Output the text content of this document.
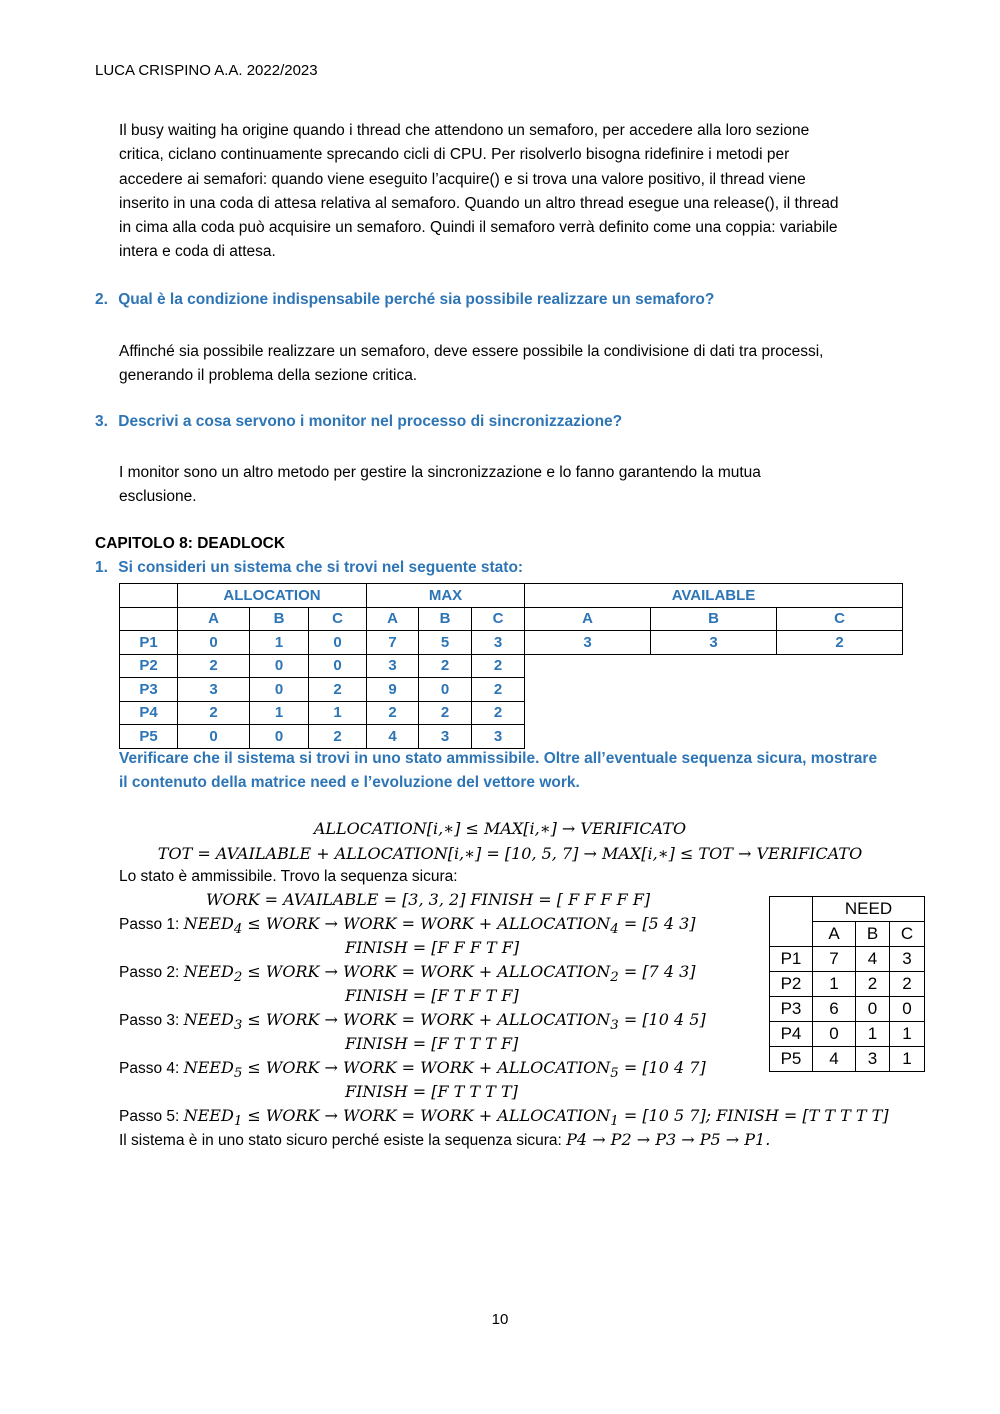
LUCA CRISPINO A.A. 2022/2023
Il busy waiting ha origine quando i thread che attendono un semaforo, per accedere alla loro sezione
critica, ciclano continuamente sprecando cicli di CPU. Per risolverlo bisogna ridefinire i metodi per
accedere ai semafori: quando viene eseguito l’acquire() e si trova una valore positivo, il thread viene
inserito in una coda di attesa relativa al semaforo. Quando un altro thread esegue una release(), il thread
in cima alla coda può acquisire un semaforo. Quindi il semaforo verrà definito come una coppia: variabile
intera e coda di attesa.
2. Qual è la condizione indispensabile perché sia possibile realizzare un semaforo?
Affinché sia possibile realizzare un semaforo, deve essere possibile la condivisione di dati tra processi,
generando il problema della sezione critica.
3. Descrivi a cosa servono i monitor nel processo di sincronizzazione?
I monitor sono un altro metodo per gestire la sincronizzazione e lo fanno garantendo la mutua
esclusione.
CAPITOLO 8: DEADLOCK
1. Si consideri un sistema che si trovi nel seguente stato:
	ALLOCATION			MAX			AVAILABLE		
	A	B	C	A	B	C	A	B	C
P1	0	1	0	7	5	3	3	3	2
P2	2	0	0	3	2	2			
P3	3	0	2	9	0	2			
P4	2	1	1	2	2	2			
P5	0	0	2	4	3	3			
Verificare che il sistema si trovi in uno stato ammissibile. Oltre all’eventuale sequenza sicura, mostrare
il contenuto della matrice need e l’evoluzione del vettore work.
ALLOCATION[i,∗] ≤ MAX[i,∗] → VERIFICATO
TOT = AVAILABLE + ALLOCATION[i,∗] = [10, 5, 7] → MAX[i,∗] ≤ TOT → VERIFICATO
Lo stato è ammissibile. Trovo la sequenza sicura:
WORK = AVAILABLE = [3, 3, 2] FINISH = [ F F F F F]
Passo 1: $NEED_4$ ≤ WORK → WORK = WORK + $ALLOCATION_4 = [5$ 4 3]
FINISH = [F F F T F]
Passo 2: $NEED_2$ ≤ WORK → WORK = WORK + $ALLOCATION_2 = [7$ 4 3]
FINISH = [F T F T F]
Passo 3: $NEED_3$ ≤ WORK → WORK = WORK + $ALLOCATION_3 = [10$ 4 5]
FINISH = [F T T T F]
Passo 4: $NEED_5$ ≤ WORK → WORK = WORK + $ALLOCATION_5 = [10$ 4 7]
FINISH = [F T T T T]
Passo 5: $NEED_1$ ≤ WORK → WORK = WORK + $ALLOCATION_1 = [10$ 5 7]; FINISH = [T T T T T]
Il sistema è in uno stato sicuro perché esiste la sequenza sicura: P4 → P2 → P3 → P5 → P1.
	NEED		
	A	B	C
P1	7	4	3
P2	1	2	2
P3	6	0	0
P4	0	1	1
P5	4	3	1
10
